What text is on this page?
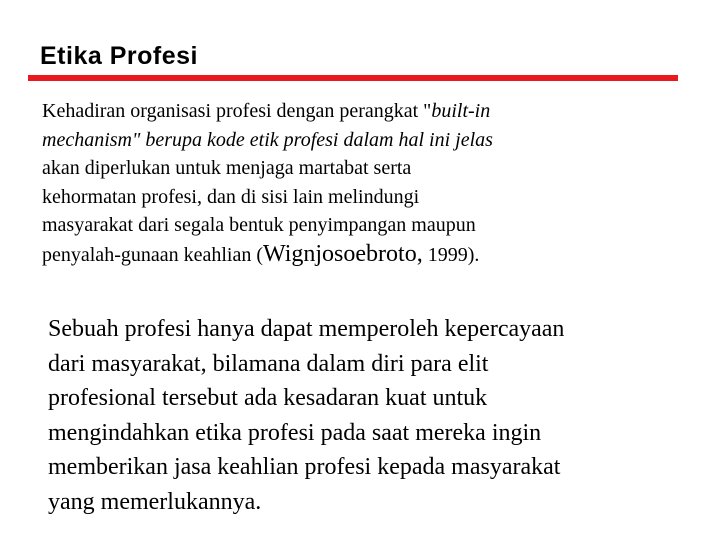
Etika Profesi
Kehadiran organisasi profesi dengan perangkat "built-in
mechanism" berupa kode etik profesi dalam hal ini jelas
akan diperlukan untuk menjaga martabat serta
kehormatan profesi, dan di sisi lain melindungi
masyarakat dari segala bentuk penyimpangan maupun
penyalah-gunaan keahlian (Wignjosoebroto, 1999).
Sebuah profesi hanya dapat memperoleh kepercayaan
dari masyarakat, bilamana dalam diri para elit
profesional tersebut ada kesadaran kuat untuk
mengindahkan etika profesi pada saat mereka ingin
memberikan jasa keahlian profesi kepada masyarakat
yang memerlukannya.
